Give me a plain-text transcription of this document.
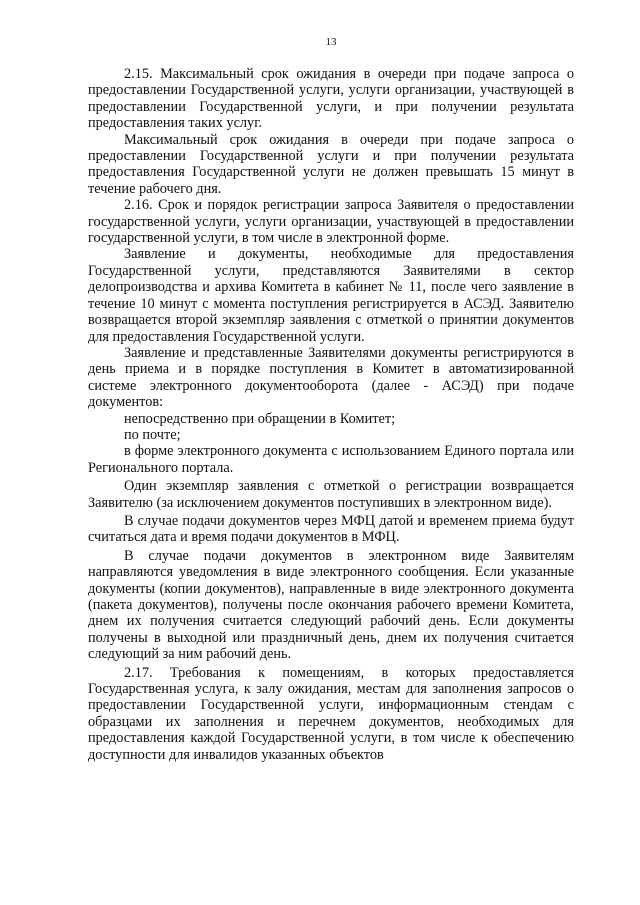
13

2.15. Максимальный срок ожидания в очереди при подаче запроса о предоставлении Государственной услуги, услуги организации, участвующей в предоставлении Государственной услуги, и при получении результата предоставления таких услуг.

Максимальный срок ожидания в очереди при подаче запроса о предоставлении Государственной услуги и при получении результата предоставления Государственной услуги не должен превышать 15 минут в течение рабочего дня.

2.16. Срок и порядок регистрации запроса Заявителя о предоставлении государственной услуги, услуги организации, участвующей в предоставлении государственной услуги, в том числе в электронной форме.

Заявление и документы, необходимые для предоставления Государственной услуги, представляются Заявителями в сектор делопроизводства и архива Комитета в кабинет № 11, после чего заявление в течение 10 минут с момента поступления регистрируется в АСЭД. Заявителю возвращается второй экземпляр заявления с отметкой о принятии документов для предоставления Государственной услуги.

Заявление и представленные Заявителями документы регистрируются в день приема и в порядке поступления в Комитет в автоматизированной системе электронного документооборота (далее - АСЭД) при подаче документов:

непосредственно при обращении в Комитет;

по почте;

в форме электронного документа с использованием Единого портала или Регионального портала.

Один экземпляр заявления с отметкой о регистрации возвращается Заявителю (за исключением документов поступивших в электронном виде).

В случае подачи документов через МФЦ датой и временем приема будут считаться дата и время подачи документов в МФЦ.

В случае подачи документов в электронном виде Заявителям направляются уведомления в виде электронного сообщения. Если указанные документы (копии документов), направленные в виде электронного документа (пакета документов), получены после окончания рабочего времени Комитета, днем их получения считается следующий рабочий день. Если документы получены в выходной или праздничный день, днем их получения считается следующий за ним рабочий день.

2.17. Требования к помещениям, в которых предоставляется Государственная услуга, к залу ожидания, местам для заполнения запросов о предоставлении Государственной услуги, информационным стендам с образцами их заполнения и перечнем документов, необходимых для предоставления каждой Государственной услуги, в том числе к обеспечению доступности для инвалидов указанных объектов
